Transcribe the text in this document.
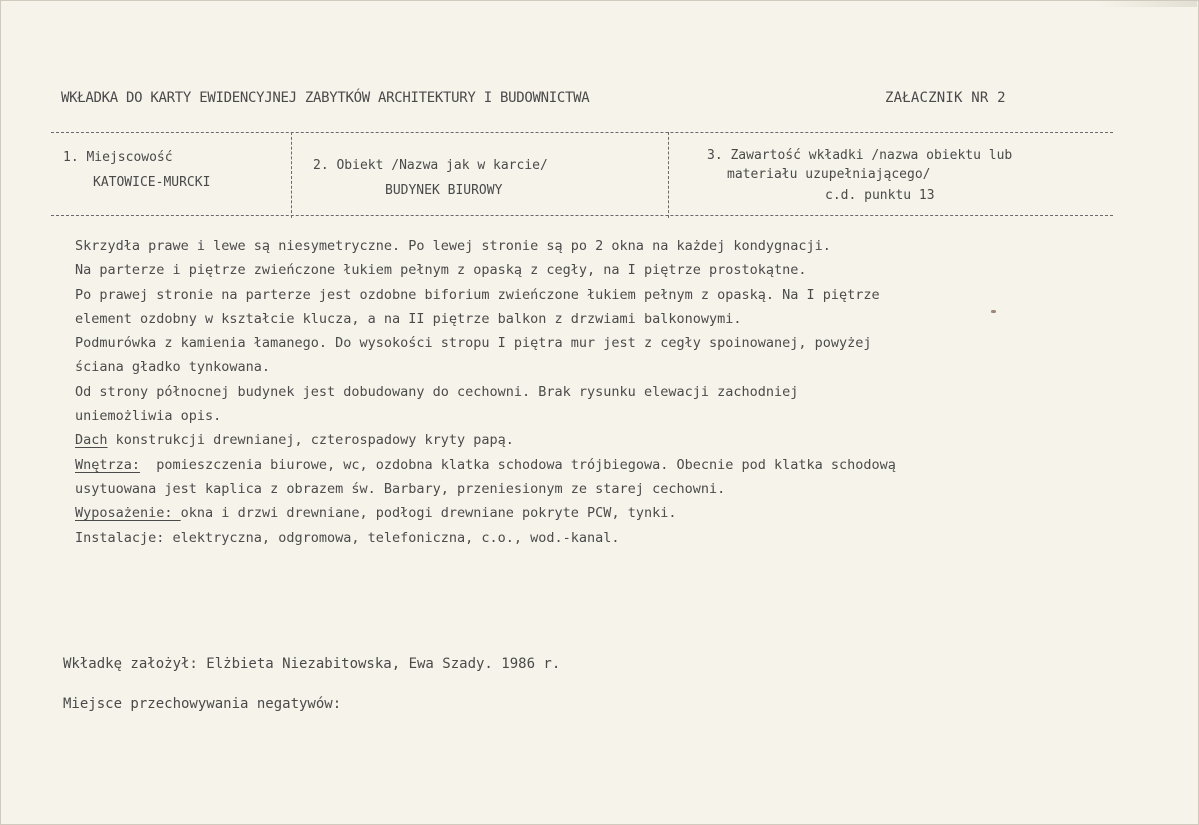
WKŁADKA DO KARTY EWIDENCYJNEJ ZABYTKÓW ARCHITEKTURY I BUDOWNICTWA	ZAŁACZNIK NR 2
1. Miejscowość
KATOWICE-MURCKI
2. Obiekt /Nazwa jak w karcie/
BUDYNEK BIUROWY
3. Zawartość wkładki /nazwa obiektu lub
materiału uzupełniającego/
c.d. punktu 13
Skrzydła prawe i lewe są niesymetryczne. Po lewej stronie są po 2 okna na każdej kondygnacji.
Na parterze i piętrze zwieńczone łukiem pełnym z opaską z cegły, na I piętrze prostokątne.
Po prawej stronie na parterze jest ozdobne biforium zwieńczone łukiem pełnym z opaską. Na I piętrze
element ozdobny w kształcie klucza, a na II piętrze balkon z drzwiami balkonowymi.
Podmurówka z kamienia łamanego. Do wysokości stropu I piętra mur jest z cegły spoinowanej, powyżej
ściana gładko tynkowana.
Od strony północnej budynek jest dobudowany do cechowni. Brak rysunku elewacji zachodniej
uniemożliwia opis.
Dach konstrukcji drewnianej, czterospadowy kryty papą.
Wnętrza:  pomieszczenia biurowe, wc, ozdobna klatka schodowa trójbiegowa. Obecnie pod klatka schodową
usytuowana jest kaplica z obrazem św. Barbary, przeniesionym ze starej cechowni.
Wyposażenie: okna i drzwi drewniane, podłogi drewniane pokryte PCW, tynki.
Instalacje: elektryczna, odgromowa, telefoniczna, c.o., wod.-kanal.
Wkładkę założył: Elżbieta Niezabitowska, Ewa Szady. 1986 r.
Miejsce przechowywania negatywów:
